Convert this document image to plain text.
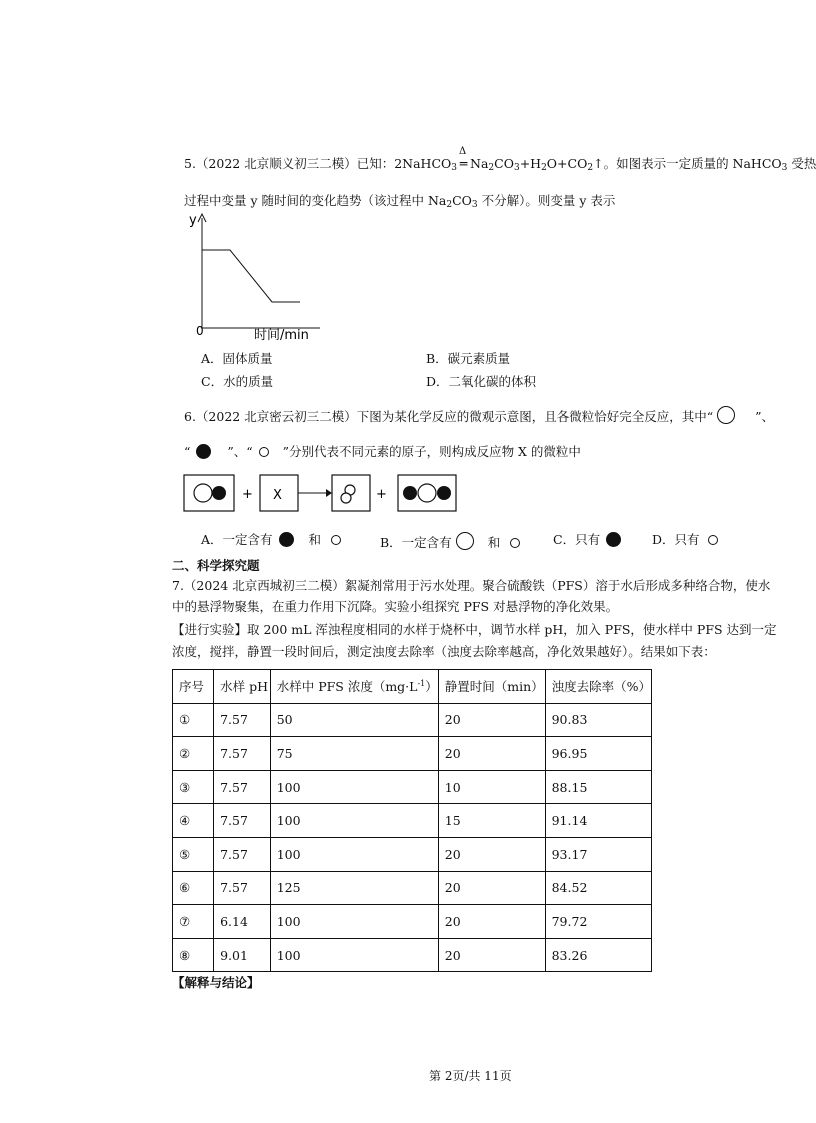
5.（2022 北京顺义初三二模）已知：2NaHCO$_3$
Δ
═ $Na_2CO_3+H_2O+CO_2↑$。如图表示一定质量的 NaHCO$_3$ 受热
过程中变量 y 随时间的变化趋势（该过程中 $Na_2CO_3$ 不分解）。则变量 y 表示
y
0	时间/min
A．固体质量	B．碳元素质量
C．水的质量	D．二氧化碳的体积
6.（2022 北京密云初三二模）下图为某化学反应的微观示意图，且各微粒恰好完全反应，其中“	”、
“	”、“ ”分别代表不同元素的原子，则构成反应物 X 的微粒中
+ X	+
A．一定含有	和	B．一定含有	和	C．只有	D．只有
二、科学探究题
7.（2024 北京西城初三二模）絮凝剂常用于污水处理。聚合硫酸铁（PFS）溶于水后形成多种络合物，使水
中的悬浮物聚集，在重力作用下沉降。实验小组探究 PFS 对悬浮物的净化效果。
【进行实验】取 200 mL 浑浊程度相同的水样于烧杯中，调节水样 pH，加入 PFS，使水样中 PFS 达到一定
浓度，搅拌，静置一段时间后，测定浊度去除率（浊度去除率越高，净化效果越好）。结果如下表：
序号	水样 pH	水样中 PFS 浓度$(mg\cdot L^{-1})$	静置时间（min）	浊度去除率（%）
①	7.57	50	20	90.83
②	7.57	75	20	96.95
③	7.57	100	10	88.15
④	7.57	100	15	91.14
⑤	7.57	100	20	93.17
⑥	7.57	125	20	84.52
⑦	6.14	100	20	79.72
⑧	9.01	100	20	83.26
【解释与结论】
第 2页/共 11页
